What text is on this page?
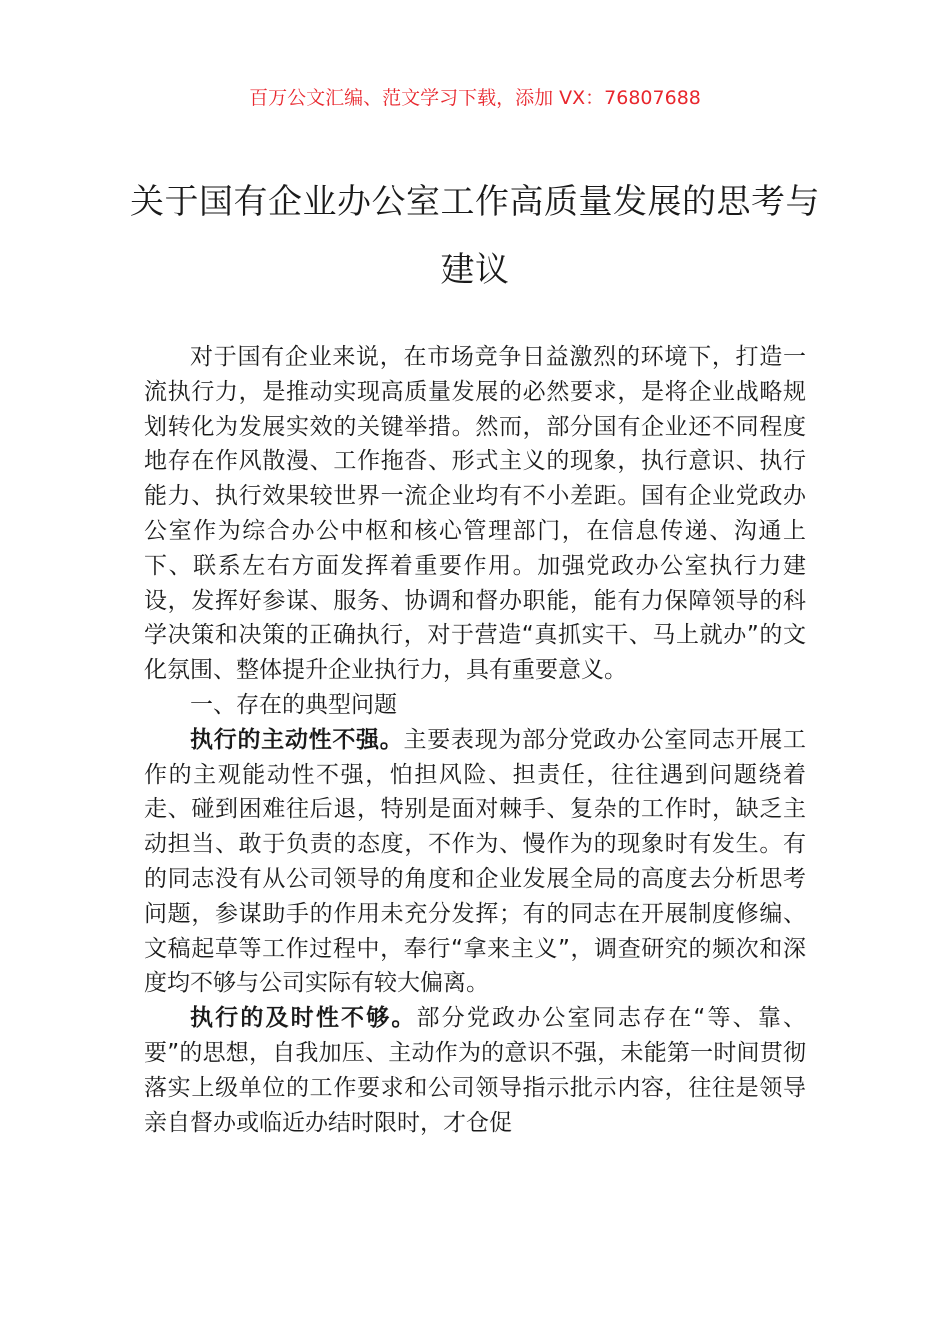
百万公文汇编、范文学习下载，添加 VX：76807688
关于国有企业办公室工作高质量发展的思考与建议

对于国有企业来说，在市场竞争日益激烈的环境下，打造一流执行力，是推动实现高质量发展的必然要求，是将企业战略规划转化为发展实效的关键举措。然而，部分国有企业还不同程度地存在作风散漫、工作拖沓、形式主义的现象，执行意识、执行能力、执行效果较世界一流企业均有不小差距。国有企业党政办公室作为综合办公中枢和核心管理部门，在信息传递、沟通上下、联系左右方面发挥着重要作用。加强党政办公室执行力建设，发挥好参谋、服务、协调和督办职能，能有力保障领导的科学决策和决策的正确执行，对于营造“真抓实干、马上就办”的文化氛围、整体提升企业执行力，具有重要意义。

一、存在的典型问题

执行的主动性不强。主要表现为部分党政办公室同志开展工作的主观能动性不强，怕担风险、担责任，往往遇到问题绕着走、碰到困难往后退，特别是面对棘手、复杂的工作时，缺乏主动担当、敢于负责的态度，不作为、慢作为的现象时有发生。有的同志没有从公司领导的角度和企业发展全局的高度去分析思考问题，参谋助手的作用未充分发挥；有的同志在开展制度修编、文稿起草等工作过程中，奉行“拿来主义”，调查研究的频次和深度均不够与公司实际有较大偏离。

执行的及时性不够。部分党政办公室同志存在“等、靠、要”的思想，自我加压、主动作为的意识不强，未能第一时间贯彻落实上级单位的工作要求和公司领导指示批示内容，往往是领导亲自督办或临近办结时限时，才仓促
